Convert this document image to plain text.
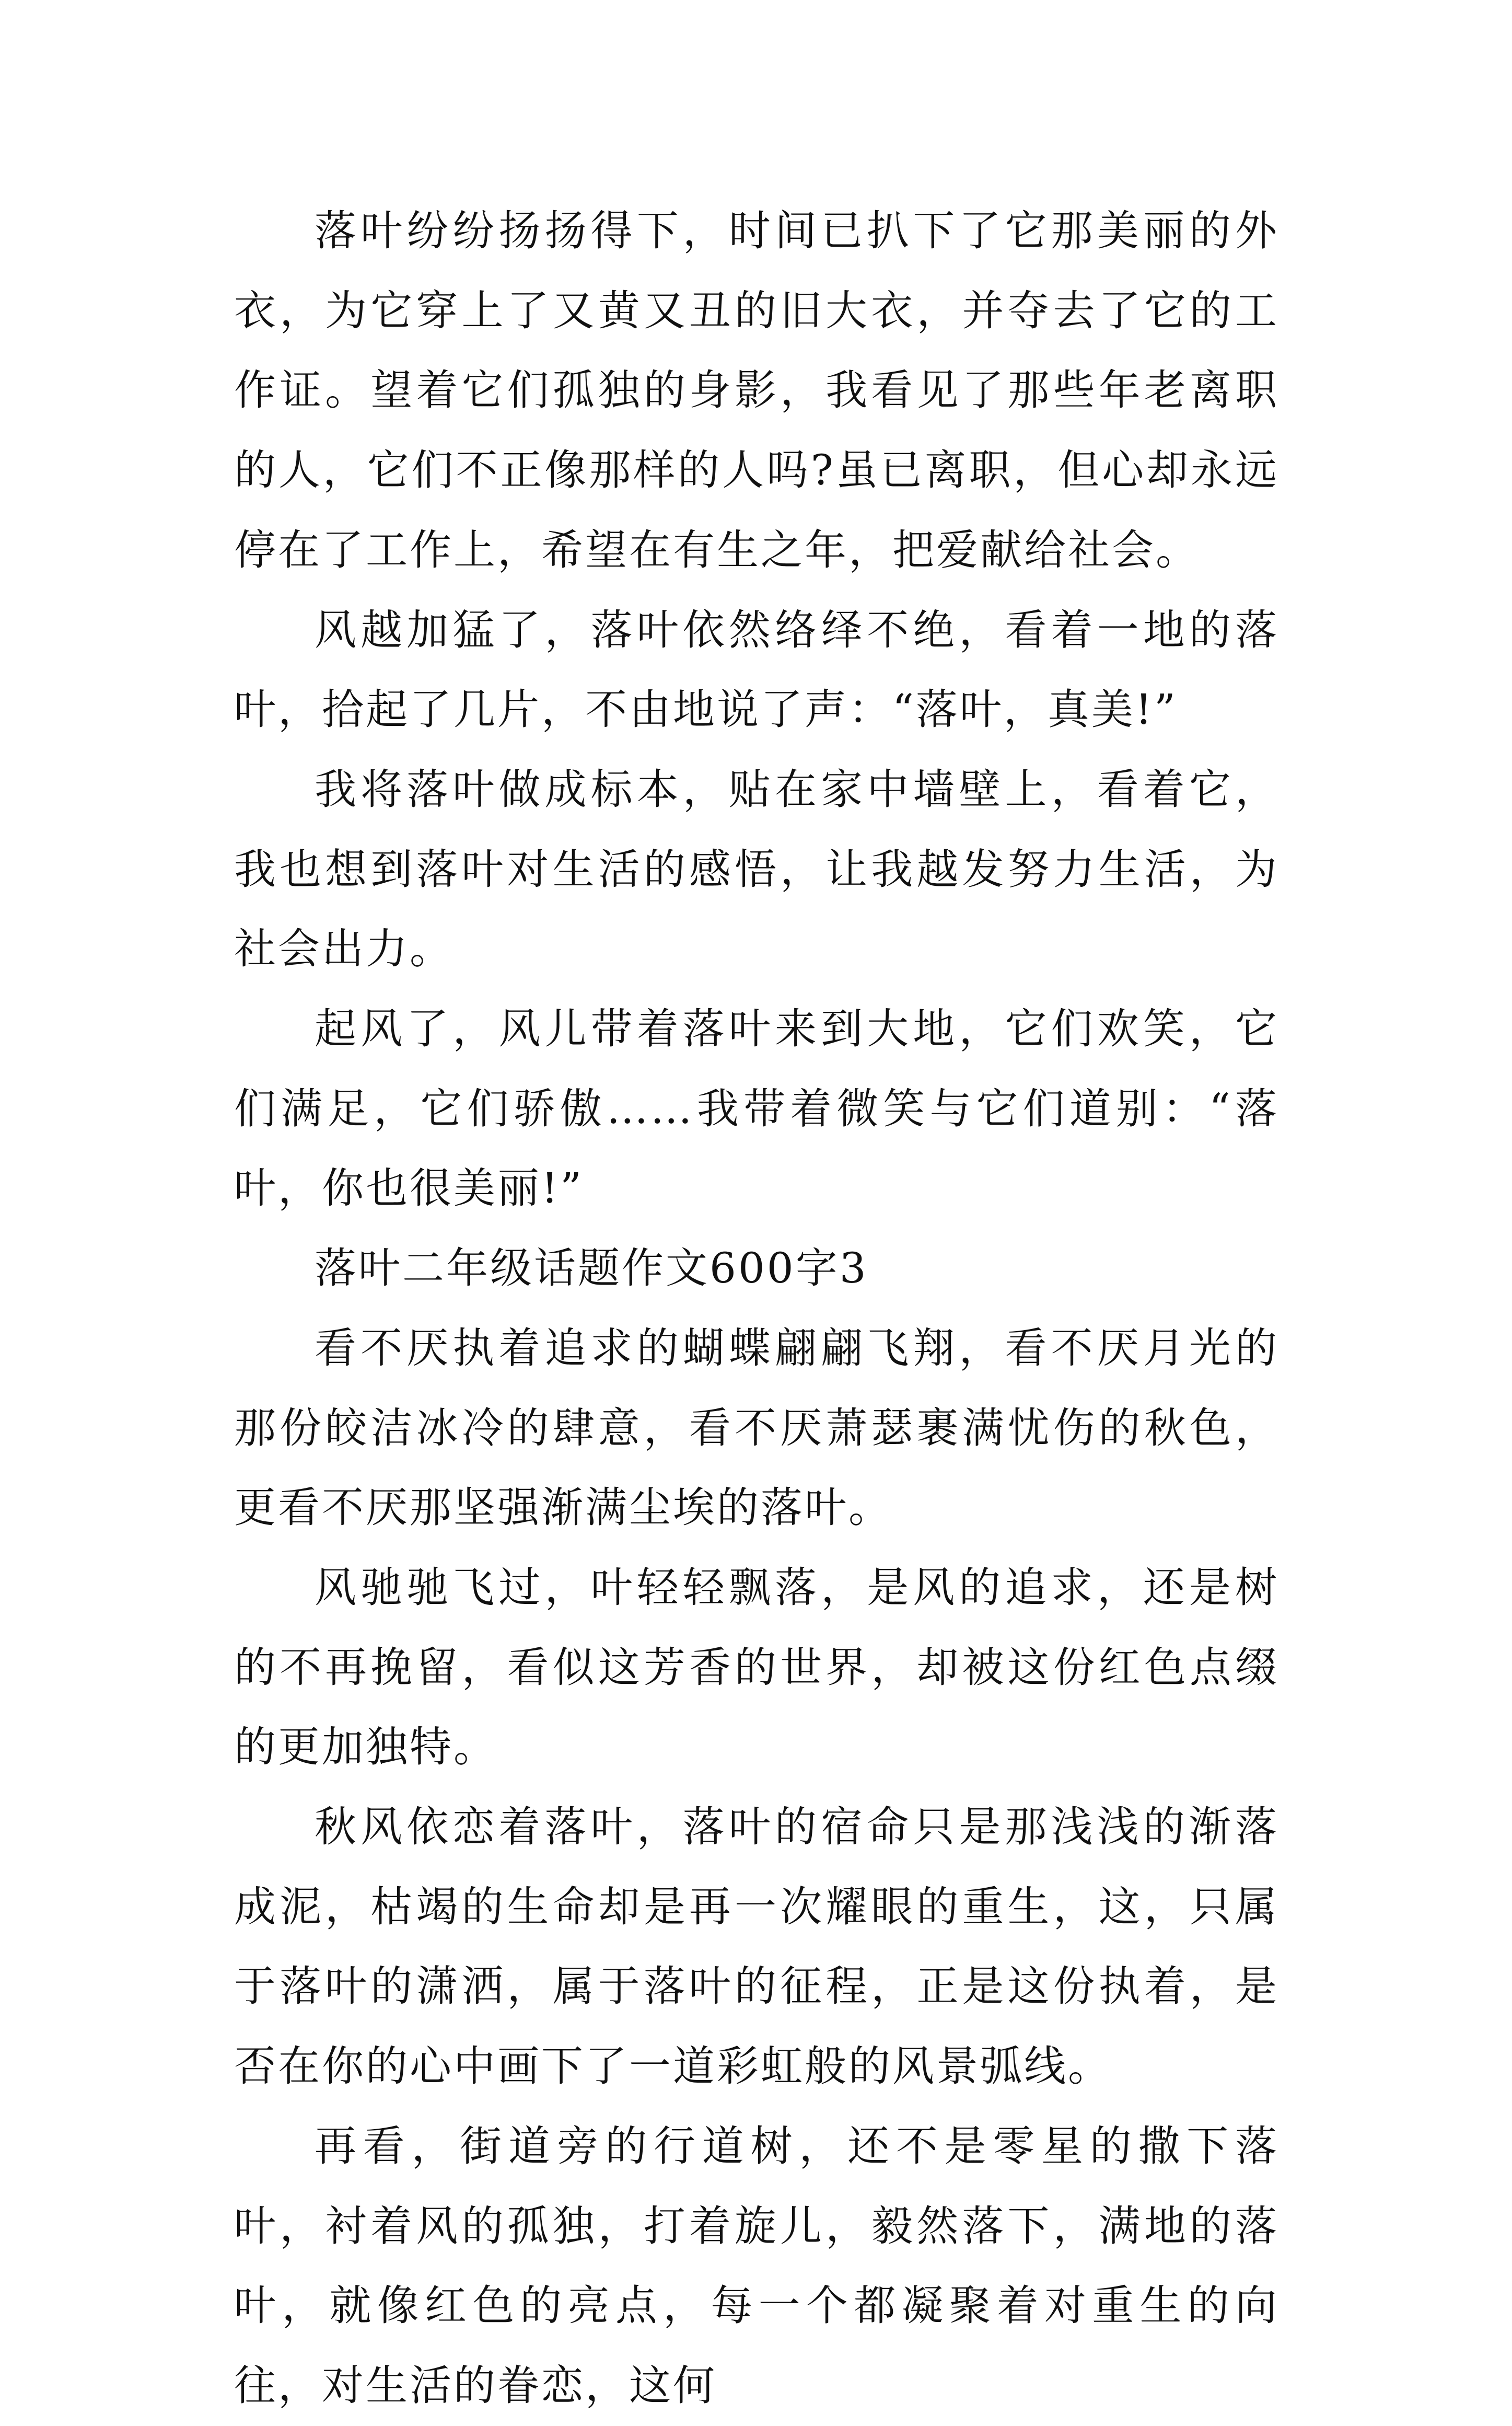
落叶纷纷扬扬得下，时间已扒下了它那美丽的外衣，为它穿上了又黄又丑的旧大衣，并夺去了它的工作证。望着它们孤独的身影，我看见了那些年老离职的人，它们不正像那样的人吗?虽已离职，但心却永远停在了工作上，希望在有生之年，把爱献给社会。

风越加猛了，落叶依然络绎不绝，看着一地的落叶，拾起了几片，不由地说了声：“落叶，真美!”

我将落叶做成标本，贴在家中墙壁上，看着它，我也想到落叶对生活的感悟，让我越发努力生活，为社会出力。

起风了，风儿带着落叶来到大地，它们欢笑，它们满足，它们骄傲……我带着微笑与它们道别：“落叶，你也很美丽!”

落叶二年级话题作文600字3

看不厌执着追求的蝴蝶翩翩飞翔，看不厌月光的那份皎洁冰冷的肆意，看不厌萧瑟裹满忧伤的秋色，更看不厌那坚强渐满尘埃的落叶。

风驰驰飞过，叶轻轻飘落，是风的追求，还是树的不再挽留，看似这芳香的世界，却被这份红色点缀的更加独特。

秋风依恋着落叶，落叶的宿命只是那浅浅的渐落成泥，枯竭的生命却是再一次耀眼的重生，这，只属于落叶的潇洒，属于落叶的征程，正是这份执着，是否在你的心中画下了一道彩虹般的风景弧线。

再看，街道旁的行道树，还不是零星的撒下落叶，衬着风的孤独，打着旋儿，毅然落下，满地的落叶，就像红色的亮点，每一个都凝聚着对重生的向往，对生活的眷恋，这何
